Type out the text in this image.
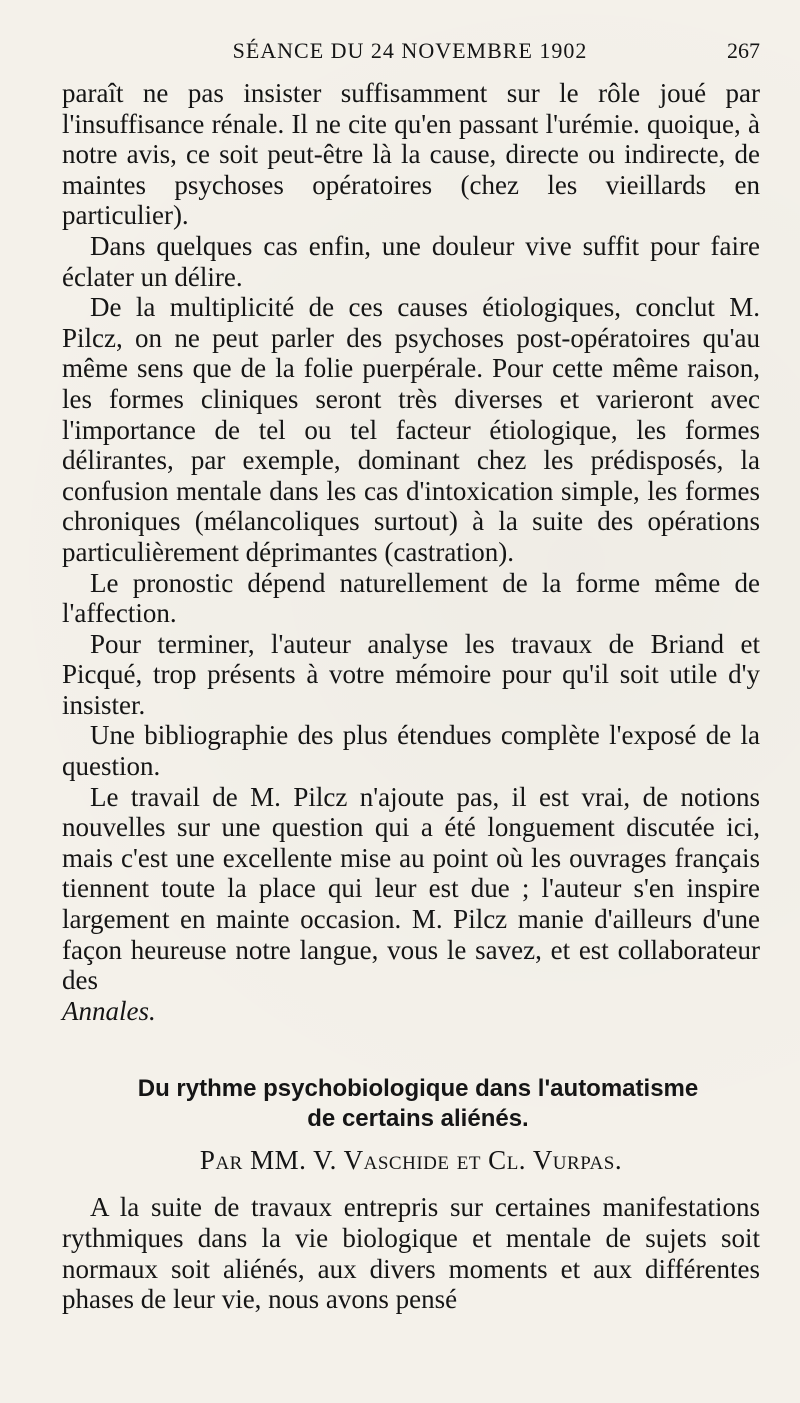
SÉANCE DU 24 NOVEMBRE 1902	267

paraît ne pas insister suffisamment sur le rôle joué par l'insuffisance rénale. Il ne cite qu'en passant l'urémie. quoique, à notre avis, ce soit peut-être là la cause, directe ou indirecte, de maintes psychoses opératoires (chez les vieillards en particulier).

Dans quelques cas enfin, une douleur vive suffit pour faire éclater un délire.

De la multiplicité de ces causes étiologiques, conclut M. Pilcz, on ne peut parler des psychoses post-opératoires qu'au même sens que de la folie puerpérale. Pour cette même raison, les formes cliniques seront très diverses et varieront avec l'importance de tel ou tel facteur étiologique, les formes délirantes, par exemple, dominant chez les prédisposés, la confusion mentale dans les cas d'intoxication simple, les formes chroniques (mélancoliques surtout) à la suite des opérations particulièrement déprimantes (castration).

Le pronostic dépend naturellement de la forme même de l'affection.

Pour terminer, l'auteur analyse les travaux de Briand et Picqué, trop présents à votre mémoire pour qu'il soit utile d'y insister.

Une bibliographie des plus étendues complète l'exposé de la question.

Le travail de M. Pilcz n'ajoute pas, il est vrai, de notions nouvelles sur une question qui a été longuement discutée ici, mais c'est une excellente mise au point où les ouvrages français tiennent toute la place qui leur est due ; l'auteur s'en inspire largement en mainte occasion. M. Pilcz manie d'ailleurs d'une façon heureuse notre langue, vous le savez, et est collaborateur des

Annales.

Du rythme psychobiologique dans l'automatisme
de certains aliénés.
Par MM. V. Vaschide et Cl. Vurpas.

A la suite de travaux entrepris sur certaines manifestations rythmiques dans la vie biologique et mentale de sujets soit normaux soit aliénés, aux divers moments et aux différentes phases de leur vie, nous avons pensé
